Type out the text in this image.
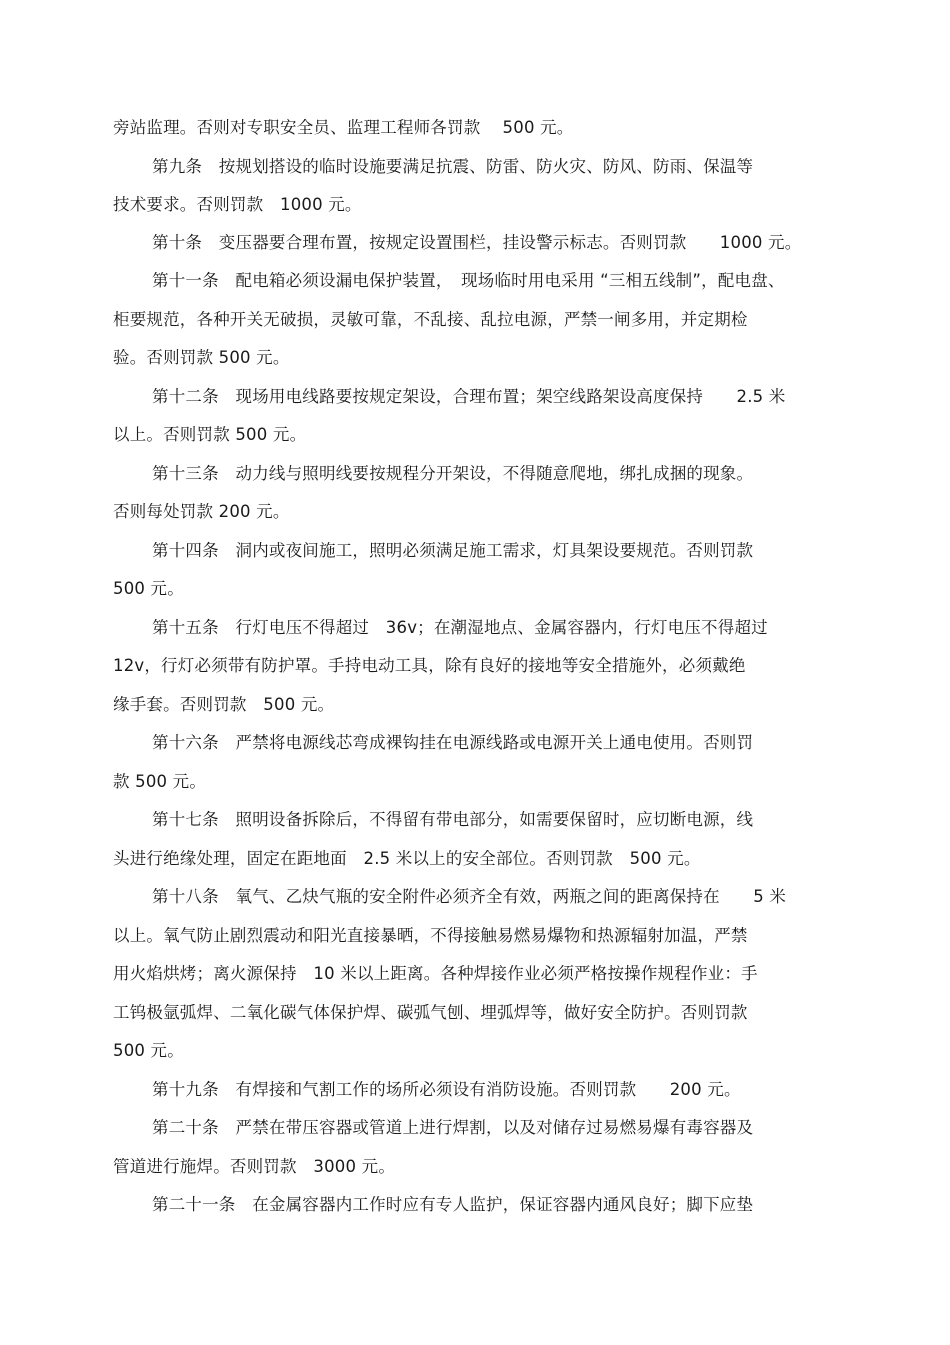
旁站监理。否则对专职安全员、监理工程师各罚款　 500 元。
第九条　按规划搭设的临时设施要满足抗震、防雷、防火灾、防风、防雨、保温等
技术要求。否则罚款　1000 元。
第十条　变压器要合理布置，按规定设置围栏，挂设警示标志。否则罚款　　1000 元。
第十一条　配电箱必须设漏电保护装置，　现场临时用电采用 “三相五线制”，配电盘、
柜要规范，各种开关无破损，灵敏可靠，不乱接、乱拉电源，严禁一闸多用，并定期检
验。否则罚款 500 元。
第十二条　现场用电线路要按规定架设，合理布置；架空线路架设高度保持　　2.5 米
以上。否则罚款 500 元。
第十三条　动力线与照明线要按规程分开架设，不得随意爬地，绑扎成捆的现象。
否则每处罚款 200 元。
第十四条　洞内或夜间施工，照明必须满足施工需求，灯具架设要规范。否则罚款
500 元。
第十五条　行灯电压不得超过　36v；在潮湿地点、金属容器内，行灯电压不得超过
12v，行灯必须带有防护罩。手持电动工具，除有良好的接地等安全措施外，必须戴绝
缘手套。否则罚款　500 元。
第十六条　严禁将电源线芯弯成裸钩挂在电源线路或电源开关上通电使用。否则罚
款 500 元。
第十七条　照明设备拆除后，不得留有带电部分，如需要保留时，应切断电源，线
头进行绝缘处理，固定在距地面　2.5 米以上的安全部位。否则罚款　500 元。
第十八条　氧气、乙炔气瓶的安全附件必须齐全有效，两瓶之间的距离保持在　　5 米
以上。氧气防止剧烈震动和阳光直接暴晒，不得接触易燃易爆物和热源辐射加温，严禁
用火焰烘烤；离火源保持　10 米以上距离。各种焊接作业必须严格按操作规程作业：手
工钨极氩弧焊、二氧化碳气体保护焊、碳弧气刨、埋弧焊等，做好安全防护。否则罚款
500 元。
第十九条　有焊接和气割工作的场所必须设有消防设施。否则罚款　　200 元。
第二十条　严禁在带压容器或管道上进行焊割，以及对储存过易燃易爆有毒容器及
管道进行施焊。否则罚款　3000 元。
第二十一条　在金属容器内工作时应有专人监护，保证容器内通风良好；脚下应垫
